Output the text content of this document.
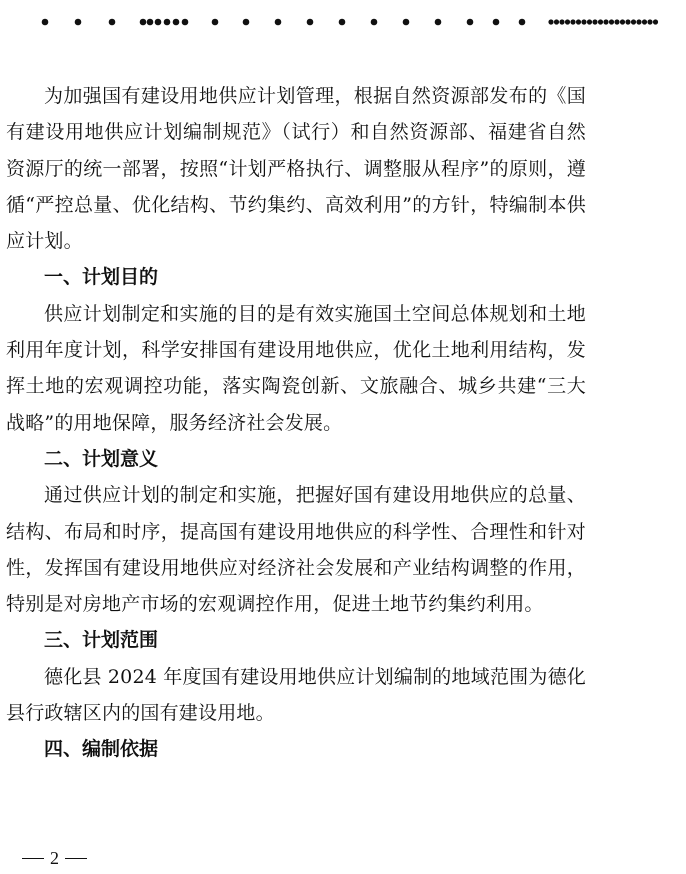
为加强国有建设用地供应计划管理，根据自然资源部发布的《国有建设用地供应计划编制规范》（试行）和自然资源部、福建省自然资源厅的统一部署，按照“计划严格执行、调整服从程序”的原则，遵循“严控总量、优化结构、节约集约、高效利用”的方针，特编制本供应计划。

一、计划目的

供应计划制定和实施的目的是有效实施国土空间总体规划和土地利用年度计划，科学安排国有建设用地供应，优化土地利用结构，发挥土地的宏观调控功能，落实陶瓷创新、文旅融合、城乡共建“三大战略”的用地保障，服务经济社会发展。

二、计划意义

通过供应计划的制定和实施，把握好国有建设用地供应的总量、结构、布局和时序，提高国有建设用地供应的科学性、合理性和针对性，发挥国有建设用地供应对经济社会发展和产业结构调整的作用，特别是对房地产市场的宏观调控作用，促进土地节约集约利用。

三、计划范围

德化县 2024 年度国有建设用地供应计划编制的地域范围为德化县行政辖区内的国有建设用地。

四、编制依据
2
